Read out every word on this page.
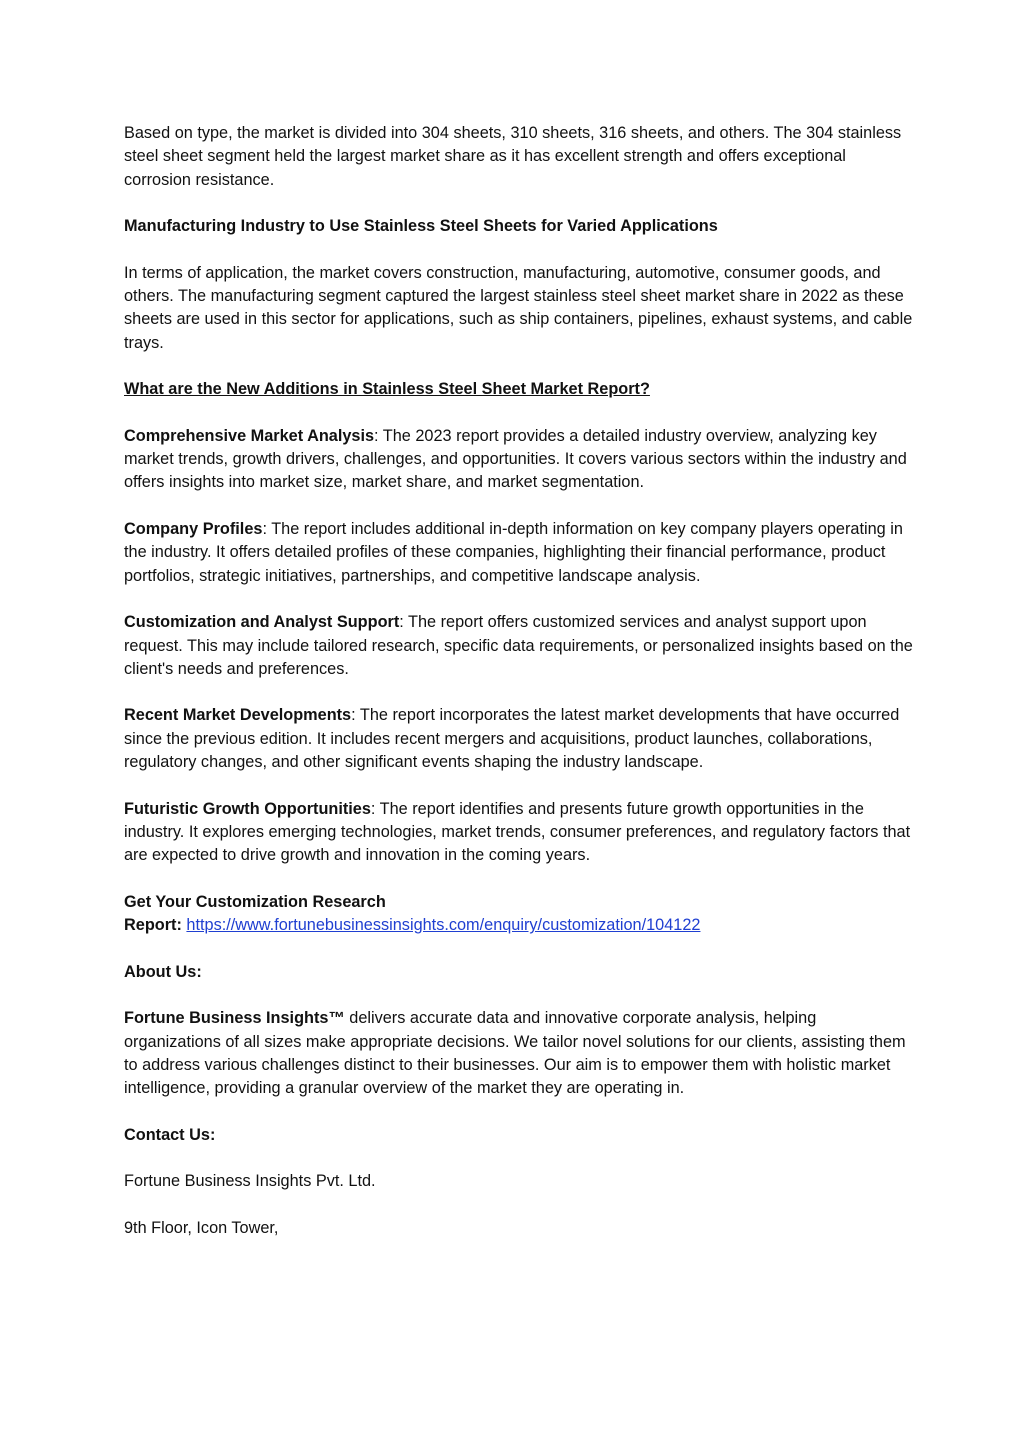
Based on type, the market is divided into 304 sheets, 310 sheets, 316 sheets, and others. The 304 stainless steel sheet segment held the largest market share as it has excellent strength and offers exceptional corrosion resistance.

Manufacturing Industry to Use Stainless Steel Sheets for Varied Applications

In terms of application, the market covers construction, manufacturing, automotive, consumer goods, and others. The manufacturing segment captured the largest stainless steel sheet market share in 2022 as these sheets are used in this sector for applications, such as ship containers, pipelines, exhaust systems, and cable trays.

What are the New Additions in Stainless Steel Sheet Market Report?

Comprehensive Market Analysis: The 2023 report provides a detailed industry overview, analyzing key market trends, growth drivers, challenges, and opportunities. It covers various sectors within the industry and offers insights into market size, market share, and market segmentation.

Company Profiles: The report includes additional in-depth information on key company players operating in the industry. It offers detailed profiles of these companies, highlighting their financial performance, product portfolios, strategic initiatives, partnerships, and competitive landscape analysis.

Customization and Analyst Support: The report offers customized services and analyst support upon request. This may include tailored research, specific data requirements, or personalized insights based on the client's needs and preferences.

Recent Market Developments: The report incorporates the latest market developments that have occurred since the previous edition. It includes recent mergers and acquisitions, product launches, collaborations, regulatory changes, and other significant events shaping the industry landscape.

Futuristic Growth Opportunities: The report identifies and presents future growth opportunities in the industry. It explores emerging technologies, market trends, consumer preferences, and regulatory factors that are expected to drive growth and innovation in the coming years.

Get Your Customization Research
Report: https://www.fortunebusinessinsights.com/enquiry/customization/104122

About Us:

Fortune Business Insights™ delivers accurate data and innovative corporate analysis, helping organizations of all sizes make appropriate decisions. We tailor novel solutions for our clients, assisting them to address various challenges distinct to their businesses. Our aim is to empower them with holistic market intelligence, providing a granular overview of the market they are operating in.

Contact Us:

Fortune Business Insights Pvt. Ltd.

9th Floor, Icon Tower,
